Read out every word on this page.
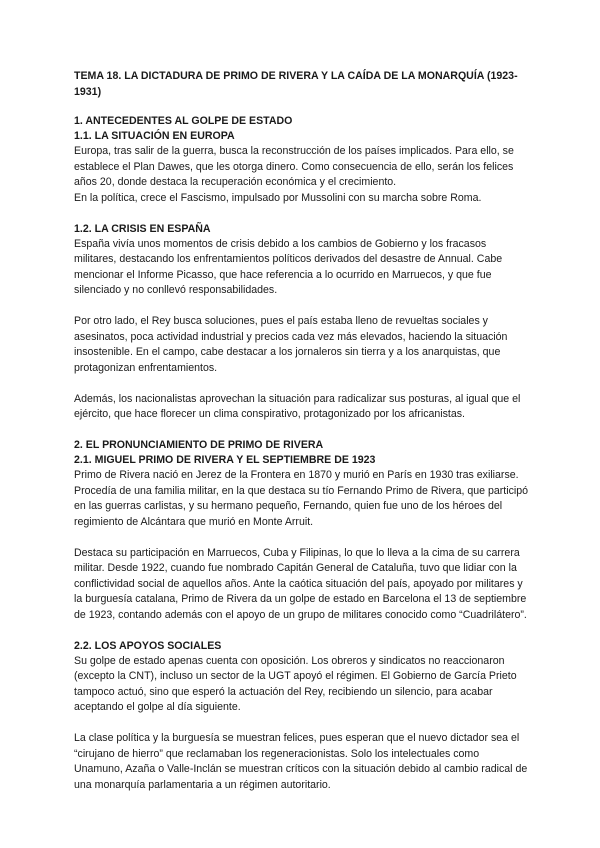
TEMA 18. LA DICTADURA DE PRIMO DE RIVERA Y LA CAÍDA DE LA MONARQUÍA (1923-1931)
1. ANTECEDENTES AL GOLPE DE ESTADO
1.1. LA SITUACIÓN EN EUROPA

Europa, tras salir de la guerra, busca la reconstrucción de los países implicados. Para ello, se establece el Plan Dawes, que les otorga dinero. Como consecuencia de ello, serán los felices años 20, donde destaca la recuperación económica y el crecimiento.

En la política, crece el Fascismo, impulsado por Mussolini con su marcha sobre Roma.

1.2. LA CRISIS EN ESPAÑA

España vivía unos momentos de crisis debido a los cambios de Gobierno y los fracasos militares, destacando los enfrentamientos políticos derivados del desastre de Annual. Cabe mencionar el Informe Picasso, que hace referencia a lo ocurrido en Marruecos, y que fue silenciado y no conllevó responsabilidades.

Por otro lado, el Rey busca soluciones, pues el país estaba lleno de revueltas sociales y asesinatos, poca actividad industrial y precios cada vez más elevados, haciendo la situación insostenible. En el campo, cabe destacar a los jornaleros sin tierra y a los anarquistas, que protagonizan enfrentamientos.

Además, los nacionalistas aprovechan la situación para radicalizar sus posturas, al igual que el ejército, que hace florecer un clima conspirativo, protagonizado por los africanistas.

2. EL PRONUNCIAMIENTO DE PRIMO DE RIVERA
2.1. MIGUEL PRIMO DE RIVERA Y EL SEPTIEMBRE DE 1923

Primo de Rivera nació en Jerez de la Frontera en 1870 y murió en París en 1930 tras exiliarse. Procedía de una familia militar, en la que destaca su tío Fernando Primo de Rivera, que participó en las guerras carlistas, y su hermano pequeño, Fernando, quien fue uno de los héroes del regimiento de Alcántara que murió en Monte Arruit.

Destaca su participación en Marruecos, Cuba y Filipinas, lo que lo lleva a la cima de su carrera militar. Desde 1922, cuando fue nombrado Capitán General de Cataluña, tuvo que lidiar con la conflictividad social de aquellos años. Ante la caótica situación del país, apoyado por militares y la burguesía catalana, Primo de Rivera da un golpe de estado en Barcelona el 13 de septiembre de 1923, contando además con el apoyo de un grupo de militares conocido como “Cuadrilátero”.

2.2. LOS APOYOS SOCIALES

Su golpe de estado apenas cuenta con oposición. Los obreros y sindicatos no reaccionaron (excepto la CNT), incluso un sector de la UGT apoyó el régimen. El Gobierno de García Prieto tampoco actuó, sino que esperó la actuación del Rey, recibiendo un silencio, para acabar aceptando el golpe al día siguiente.

La clase política y la burguesía se muestran felices, pues esperan que el nuevo dictador sea el “cirujano de hierro” que reclamaban los regeneracionistas. Solo los intelectuales como Unamuno, Azaña o Valle-Inclán se muestran críticos con la situación debido al cambio radical de una monarquía parlamentaria a un régimen autoritario.
